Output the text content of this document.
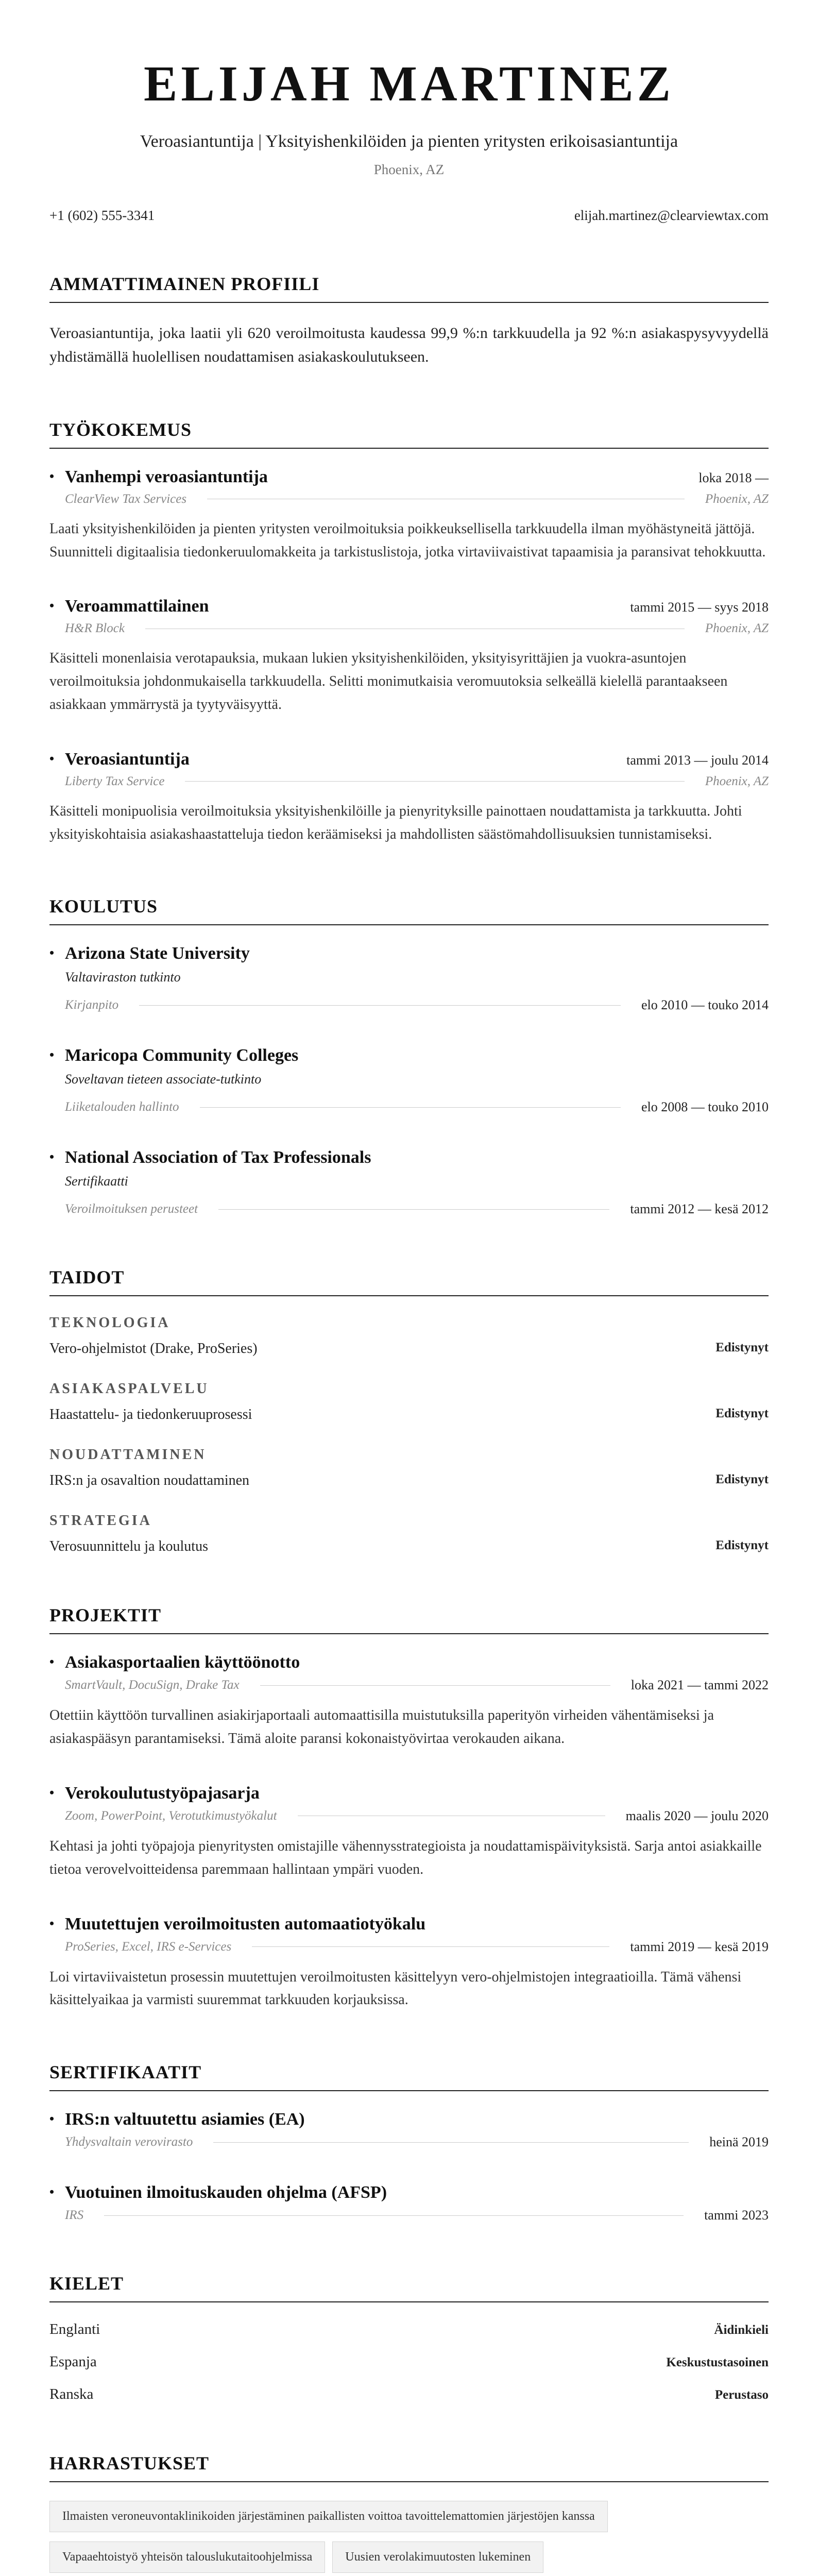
ELIJAH MARTINEZ
Veroasiantuntija | Yksityishenkilöiden ja pienten yritysten erikoisasiantuntija
Phoenix, AZ
+1 (602) 555-3341	elijah.martinez@clearviewtax.com
AMMATTIMAINEN PROFIILI

Veroasiantuntija, joka laatii yli 620 veroilmoitusta kaudessa 99,9 %:n tarkkuudella ja 92 %:n asiakaspysyvyydellä yhdistämällä huolellisen noudattamisen asiakaskoulutukseen.

TYÖKOKEMUS
• Vanhempi veroasiantuntija	loka 2018 —
ClearView Tax Services	Phoenix, AZ

Laati yksityishenkilöiden ja pienten yritysten veroilmoituksia poikkeuksellisella tarkkuudella ilman myöhästyneitä jättöjä. Suunnitteli digitaalisia tiedonkeruulomakkeita ja tarkistuslistoja, jotka virtaviivaistivat tapaamisia ja paransivat tehokkuutta.

• Veroammattilainen	tammi 2015 — syys 2018
H&R Block	Phoenix, AZ

Käsitteli monenlaisia verotapauksia, mukaan lukien yksityishenkilöiden, yksityisyrittäjien ja vuokra-asuntojen veroilmoituksia johdonmukaisella tarkkuudella. Selitti monimutkaisia veromuutoksia selkeällä kielellä parantaakseen asiakkaan ymmärrystä ja tyytyväisyyttä.

• Veroasiantuntija	tammi 2013 — joulu 2014
Liberty Tax Service	Phoenix, AZ

Käsitteli monipuolisia veroilmoituksia yksityishenkilöille ja pienyrityksille painottaen noudattamista ja tarkkuutta. Johti yksityiskohtaisia asiakashaastatteluja tiedon keräämiseksi ja mahdollisten säästömahdollisuuksien tunnistamiseksi.

KOULUTUS
• Arizona State University
Valtaviraston tutkinto
Kirjanpito	elo 2010 — touko 2014
• Maricopa Community Colleges
Soveltavan tieteen associate-tutkinto
Liiketalouden hallinto	elo 2008 — touko 2010
• National Association of Tax Professionals
Sertifikaatti
Veroilmoituksen perusteet	tammi 2012 — kesä 2012
TAIDOT
TEKNOLOGIA
Vero-ohjelmistot (Drake, ProSeries)	Edistynyt
ASIAKASPALVELU
Haastattelu- ja tiedonkeruuprosessi	Edistynyt
NOUDATTAMINEN
IRS:n ja osavaltion noudattaminen	Edistynyt
STRATEGIA
Verosuunnittelu ja koulutus	Edistynyt
PROJEKTIT
• Asiakasportaalien käyttöönotto
SmartVault, DocuSign, Drake Tax	loka 2021 — tammi 2022

Otettiin käyttöön turvallinen asiakirjaportaali automaattisilla muistutuksilla paperityön virheiden vähentämiseksi ja asiakaspääsyn parantamiseksi. Tämä aloite paransi kokonaistyövirtaa verokauden aikana.

• Verokoulutustyöpajasarja
Zoom, PowerPoint, Verotutkimustyökalut	maalis 2020 — joulu 2020

Kehtasi ja johti työpajoja pienyritysten omistajille vähennysstrategioista ja noudattamispäivityksistä. Sarja antoi asiakkaille tietoa verovelvoitteidensa paremmaan hallintaan ympäri vuoden.

• Muutettujen veroilmoitusten automaatiotyökalu
ProSeries, Excel, IRS e-Services	tammi 2019 — kesä 2019

Loi virtaviivaistetun prosessin muutettujen veroilmoitusten käsittelyyn vero-ohjelmistojen integraatioilla. Tämä vähensi käsittelyaikaa ja varmisti suuremmat tarkkuuden korjauksissa.

SERTIFIKAATIT
• IRS:n valtuutettu asiamies (EA)
Yhdysvaltain verovirasto	heinä 2019
• Vuotuinen ilmoituskauden ohjelma (AFSP)
IRS	tammi 2023
KIELET
Englanti	Äidinkieli
Espanja	Keskustustasoinen
Ranska	Perustaso
HARRASTUKSET
Ilmaisten veroneuvontaklinikoiden järjestäminen paikallisten voittoa tavoittelemattomien järjestöjen kanssa
Vapaaehtoistyö yhteisön talouslukutaitoohjelmissa	Uusien verolakimuutosten lukeminen
